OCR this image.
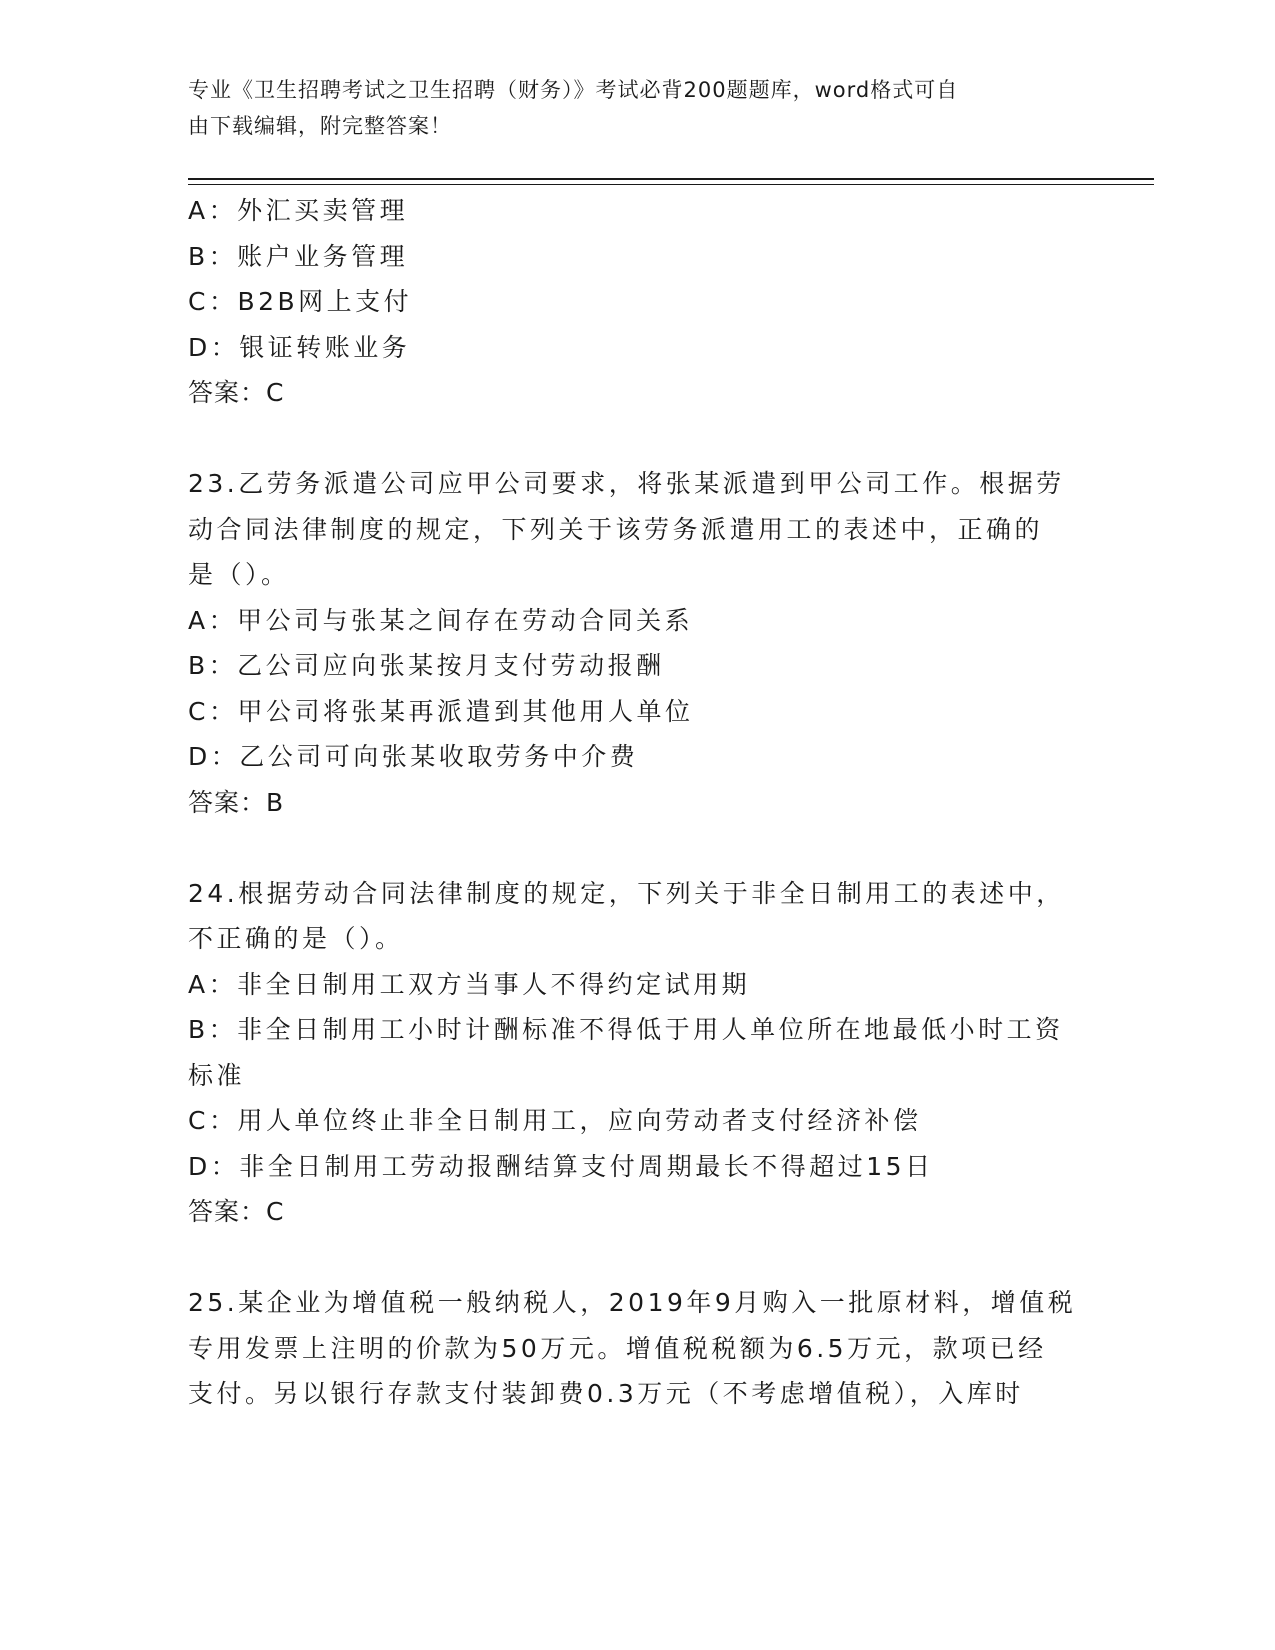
专业《卫生招聘考试之卫生招聘（财务）》考试必背200题题库，word格式可自
由下载编辑，附完整答案！
A：外汇买卖管理
B：账户业务管理
C：B2B网上支付
D：银证转账业务
答案：C
23.乙劳务派遣公司应甲公司要求，将张某派遣到甲公司工作。根据劳
动合同法律制度的规定，下列关于该劳务派遣用工的表述中，正确的
是（）。
A：甲公司与张某之间存在劳动合同关系
B：乙公司应向张某按月支付劳动报酬
C：甲公司将张某再派遣到其他用人单位
D：乙公司可向张某收取劳务中介费
答案：B
24.根据劳动合同法律制度的规定，下列关于非全日制用工的表述中，
不正确的是（）。
A：非全日制用工双方当事人不得约定试用期
B：非全日制用工小时计酬标准不得低于用人单位所在地最低小时工资
标准
C：用人单位终止非全日制用工，应向劳动者支付经济补偿
D：非全日制用工劳动报酬结算支付周期最长不得超过15日
答案：C
25.某企业为增值税一般纳税人，2019年9月购入一批原材料，增值税
专用发票上注明的价款为50万元。增值税税额为6.5万元，款项已经
支付。另以银行存款支付装卸费0.3万元（不考虑增值税），入库时
